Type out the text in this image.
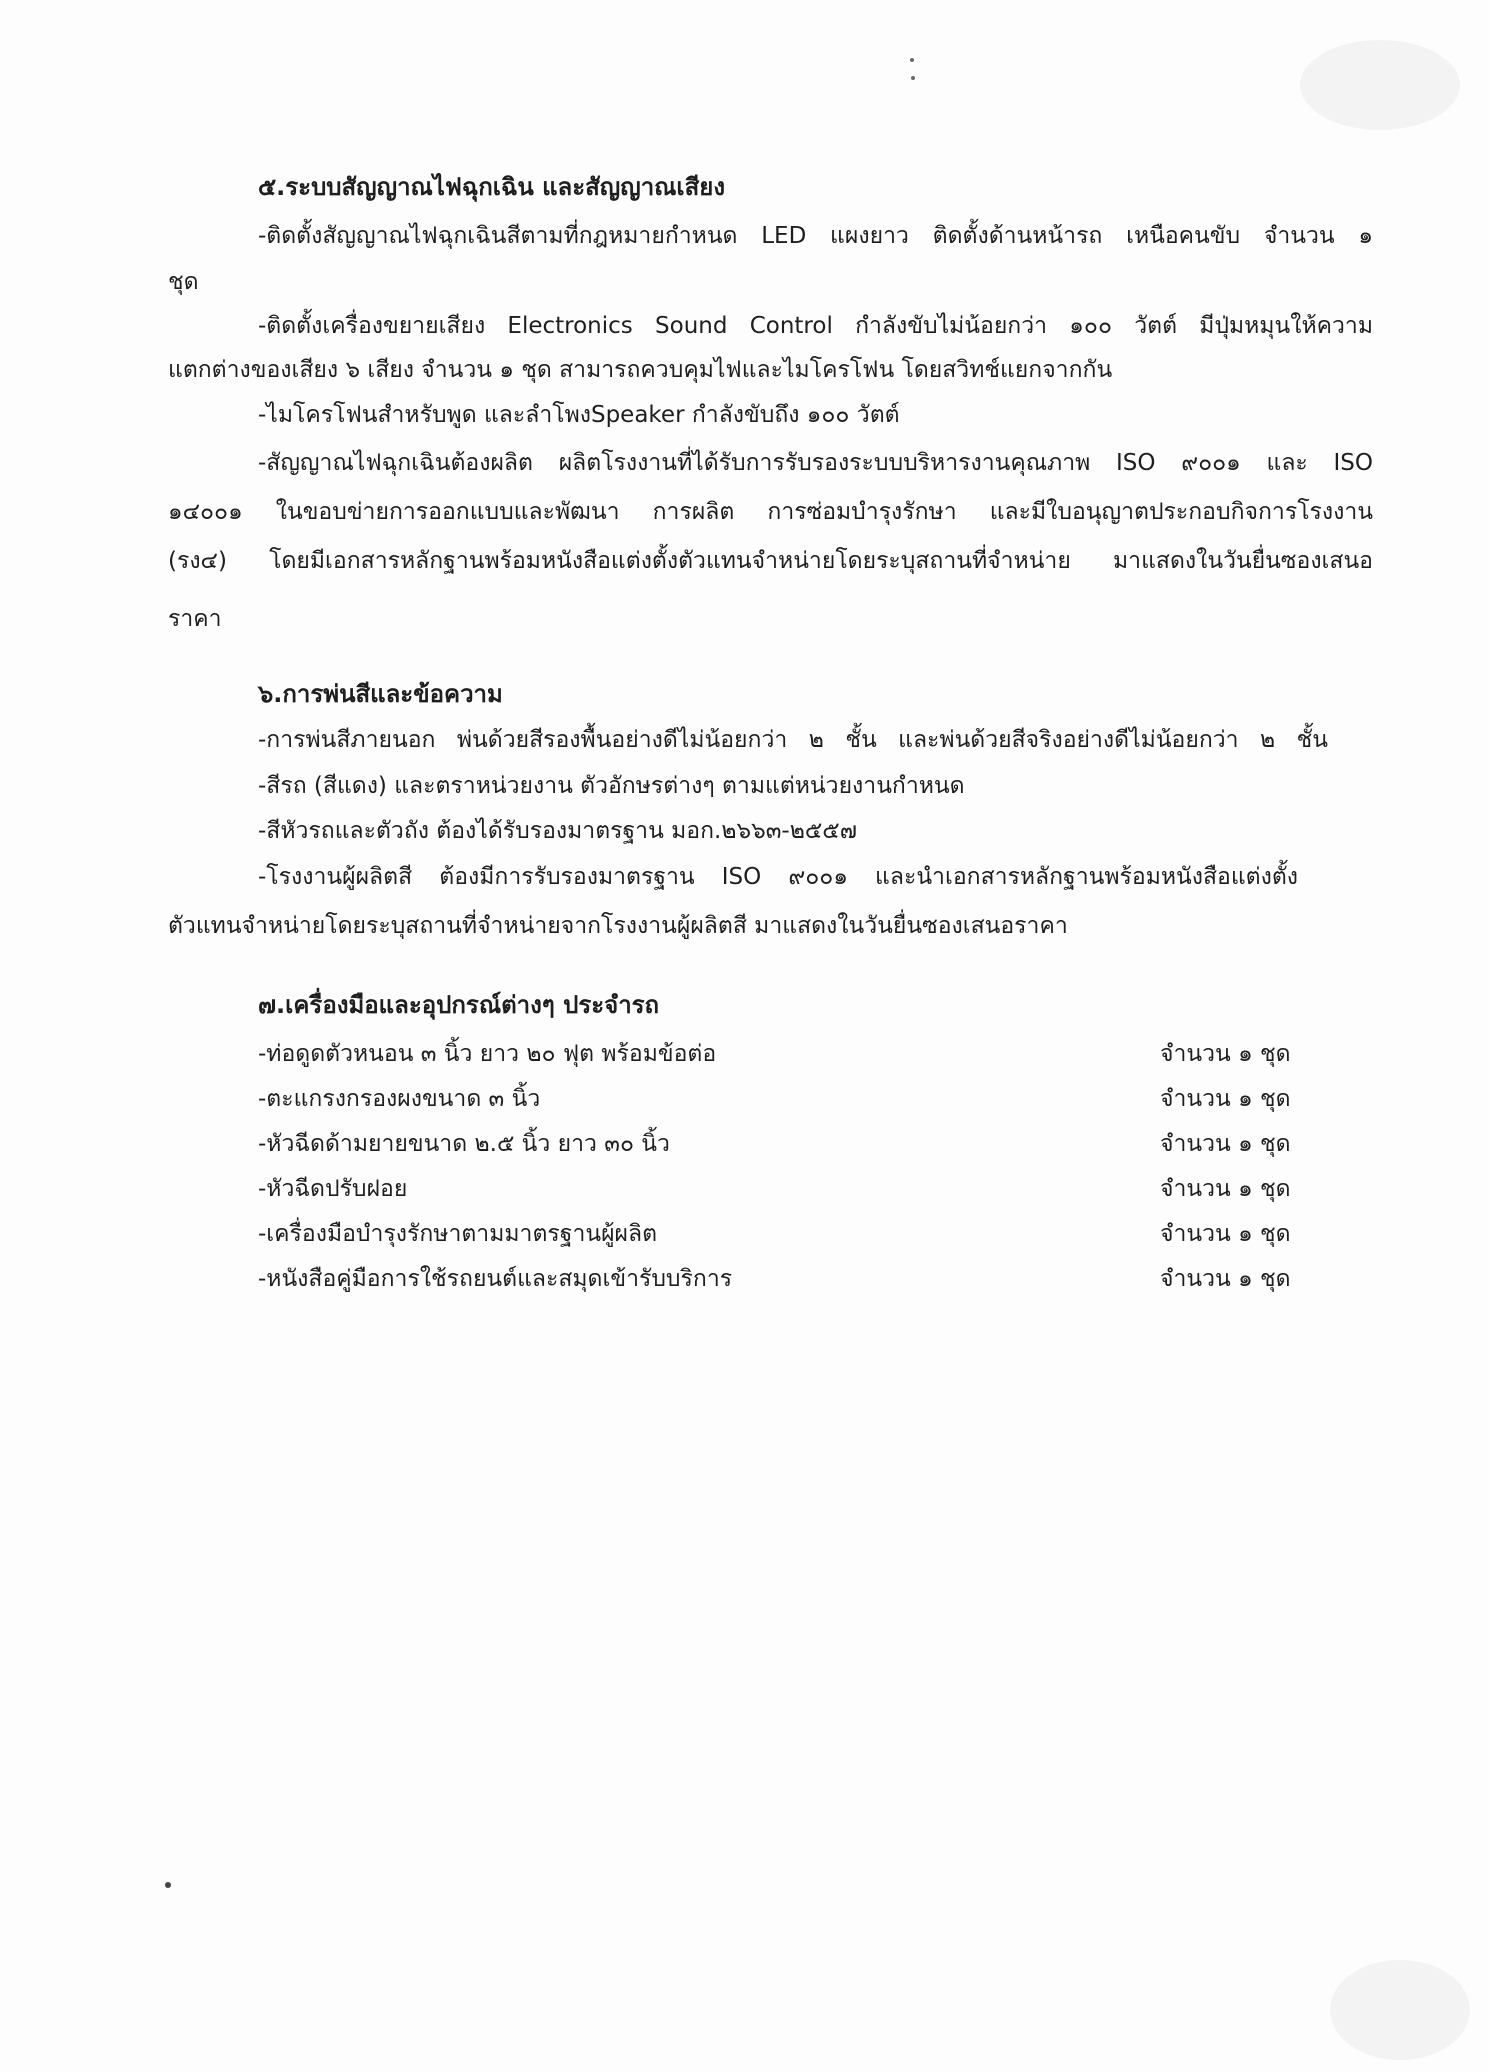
๕.ระบบสัญญาณไฟฉุกเฉิน และสัญญาณเสียง
-ติดตั้งสัญญาณไฟฉุกเฉินสีตามที่กฎหมายกำหนด LED แผงยาว ติดตั้งด้านหน้ารถ เหนือคนขับ จำนวน ๑
ชุด
-ติดตั้งเครื่องขยายเสียง Electronics Sound Control กำลังขับไม่น้อยกว่า ๑๐๐ วัตต์ มีปุ่มหมุนให้ความ
แตกต่างของเสียง ๖ เสียง จำนวน ๑ ชุด สามารถควบคุมไฟและไมโครโฟน โดยสวิทช์แยกจากกัน
-ไมโครโฟนสำหรับพูด และลำโพงSpeaker กำลังขับถึง ๑๐๐ วัตต์
-สัญญาณไฟฉุกเฉินต้องผลิต ผลิตโรงงานที่ได้รับการรับรองระบบบริหารงานคุณภาพ ISO ๙๐๐๑ และ ISO
๑๔๐๐๑ ในขอบข่ายการออกแบบและพัฒนา การผลิต การซ่อมบำรุงรักษา และมีใบอนุญาตประกอบกิจการโรงงาน
(รง๔) โดยมีเอกสารหลักฐานพร้อมหนังสือแต่งตั้งตัวแทนจำหน่ายโดยระบุสถานที่จำหน่าย มาแสดงในวันยื่นซองเสนอ
ราคา
๖.การพ่นสีและข้อความ
-การพ่นสีภายนอก พ่นด้วยสีรองพื้นอย่างดีไม่น้อยกว่า ๒ ชั้น และพ่นด้วยสีจริงอย่างดีไม่น้อยกว่า ๒ ชั้น
-สีรถ (สีแดง) และตราหน่วยงาน ตัวอักษรต่างๆ ตามแต่หน่วยงานกำหนด
-สีหัวรถและตัวถัง ต้องได้รับรองมาตรฐาน มอก.๒๖๖๓-๒๕๕๗
-โรงงานผู้ผลิตสี ต้องมีการรับรองมาตรฐาน ISO ๙๐๐๑ และนำเอกสารหลักฐานพร้อมหนังสือแต่งตั้ง
ตัวแทนจำหน่ายโดยระบุสถานที่จำหน่ายจากโรงงานผู้ผลิตสี มาแสดงในวันยื่นซองเสนอราคา
๗.เครื่องมือและอุปกรณ์ต่างๆ ประจำรถ
-ท่อดูดตัวหนอน ๓ นิ้ว ยาว ๒๐ ฟุต พร้อมข้อต่อ	จำนวน ๑ ชุด
-ตะแกรงกรองผงขนาด ๓ นิ้ว	จำนวน ๑ ชุด
-หัวฉีดด้ามยายขนาด ๒.๕ นิ้ว ยาว ๓๐ นิ้ว	จำนวน ๑ ชุด
-หัวฉีดปรับฝอย	จำนวน ๑ ชุด
-เครื่องมือบำรุงรักษาตามมาตรฐานผู้ผลิต	จำนวน ๑ ชุด
-หนังสือคู่มือการใช้รถยนต์และสมุดเข้ารับบริการ	จำนวน ๑ ชุด
